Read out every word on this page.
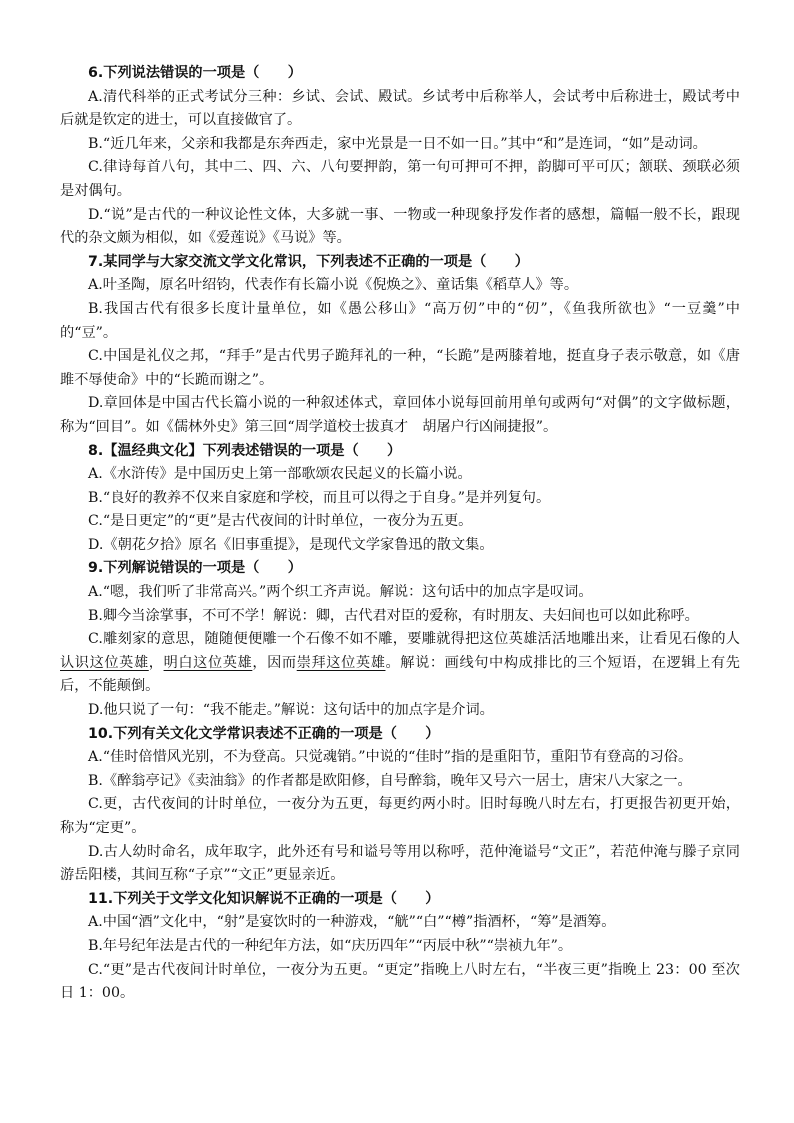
6.下列说法错误的一项是（　　）

A.清代科举的正式考试分三种：乡试、会试、殿试。乡试考中后称举人，会试考中后称进士，殿试考中后就是钦定的进士，可以直接做官了。

B.“近几年来，父亲和我都是东奔西走，家中光景是一日不如一日。”其中“和”是连词，“如”是动词。

C.律诗每首八句，其中二、四、六、八句要押韵，第一句可押可不押，韵脚可平可仄；颔联、颈联必须是对偶句。

D.“说”是古代的一种议论性文体，大多就一事、一物或一种现象抒发作者的感想，篇幅一般不长，跟现代的杂文颇为相似，如《爱莲说》《马说》等。

7.某同学与大家交流文学文化常识，下列表述不正确的一项是（　　）

A.叶圣陶，原名叶绍钧，代表作有长篇小说《倪焕之》、童话集《稻草人》等。

B.我国古代有很多长度计量单位，如《愚公移山》“高万仞”中的“仞”，《鱼我所欲也》“一豆羹”中的“豆”。

C.中国是礼仪之邦，“拜手”是古代男子跪拜礼的一种，“长跪”是两膝着地，挺直身子表示敬意，如《唐雎不辱使命》中的“长跪而谢之”。

D.章回体是中国古代长篇小说的一种叙述体式，章回体小说每回前用单句或两句“对偶”的文字做标题，称为“回目”。如《儒林外史》第三回“周学道校士拔真才　胡屠户行凶闹捷报”。

8.【温经典文化】下列表述错误的一项是（　　）

A.《水浒传》是中国历史上第一部歌颂农民起义的长篇小说。

B.“良好的教养不仅来自家庭和学校，而且可以得之于自身。”是并列复句。

C.“是日更定”的“更”是古代夜间的计时单位，一夜分为五更。

D.《朝花夕拾》原名《旧事重提》，是现代文学家鲁迅的散文集。

9.下列解说错误的一项是（　　）

A.“嗯，我们听了非常高兴。”两个织工齐声说。解说：这句话中的加点字是叹词。

B.卿今当涂掌事，不可不学！解说：卿，古代君对臣的爱称，有时朋友、夫妇间也可以如此称呼。

C.雕刻家的意思，随随便便雕一个石像不如不雕，要雕就得把这位英雄活活地雕出来，让看见石像的人认识这位英雄，明白这位英雄，因而崇拜这位英雄。解说：画线句中构成排比的三个短语，在逻辑上有先后，不能颠倒。

D.他只说了一句：“我不能走。”解说：这句话中的加点字是介词。

10.下列有关文化文学常识表述不正确的一项是（　　）

A.“佳时倍惜风光别，不为登高。只觉魂销。”中说的“佳时”指的是重阳节，重阳节有登高的习俗。

B.《醉翁亭记》《卖油翁》的作者都是欧阳修，自号醉翁，晚年又号六一居士，唐宋八大家之一。

C.更，古代夜间的计时单位，一夜分为五更，每更约两小时。旧时每晚八时左右，打更报告初更开始，称为“定更”。

D.古人幼时命名，成年取字，此外还有号和谥号等用以称呼，范仲淹谥号“文正”，若范仲淹与滕子京同游岳阳楼，其间互称“子京”“文正”更显亲近。

11.下列关于文学文化知识解说不正确的一项是（　　）

A.中国“酒”文化中，“射”是宴饮时的一种游戏，“觥”“白”“樽”指酒杯，“筹”是酒筹。

B.年号纪年法是古代的一种纪年方法，如“庆历四年”“丙辰中秋”“崇祯九年”。

C.“更”是古代夜间计时单位，一夜分为五更。“更定”指晚上八时左右，“半夜三更”指晚上 23：00 至次日 1：00。
